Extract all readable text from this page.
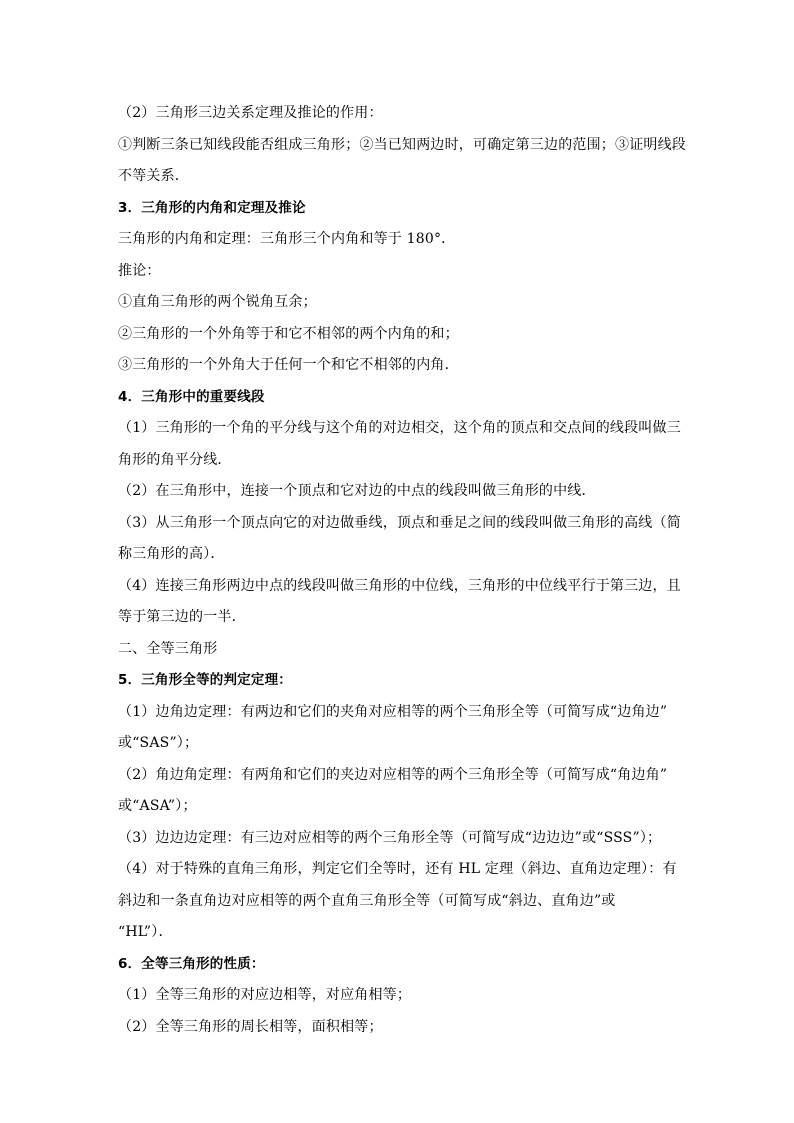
（2）三角形三边关系定理及推论的作用：
①判断三条已知线段能否组成三角形；②当已知两边时，可确定第三边的范围；③证明线段
不等关系．
3．三角形的内角和定理及推论
三角形的内角和定理：三角形三个内角和等于 180°．
推论：
①直角三角形的两个锐角互余；
②三角形的一个外角等于和它不相邻的两个内角的和；
③三角形的一个外角大于任何一个和它不相邻的内角．
4．三角形中的重要线段
（1）三角形的一个角的平分线与这个角的对边相交，这个角的顶点和交点间的线段叫做三
角形的角平分线．
（2）在三角形中，连接一个顶点和它对边的中点的线段叫做三角形的中线．
（3）从三角形一个顶点向它的对边做垂线，顶点和垂足之间的线段叫做三角形的高线（简
称三角形的高）．
（4）连接三角形两边中点的线段叫做三角形的中位线，三角形的中位线平行于第三边，且
等于第三边的一半．
二、全等三角形
5．三角形全等的判定定理：
（1）边角边定理：有两边和它们的夹角对应相等的两个三角形全等（可简写成“边角边”
或“SAS”）；
（2）角边角定理：有两角和它们的夹边对应相等的两个三角形全等（可简写成“角边角”
或“ASA”）；
（3）边边边定理：有三边对应相等的两个三角形全等（可简写成“边边边”或“SSS”）；
（4）对于特殊的直角三角形，判定它们全等时，还有 HL 定理（斜边、直角边定理）：有
斜边和一条直角边对应相等的两个直角三角形全等（可简写成“斜边、直角边”或
“HL”）．
6．全等三角形的性质：
（1）全等三角形的对应边相等，对应角相等；
（2）全等三角形的周长相等，面积相等；
